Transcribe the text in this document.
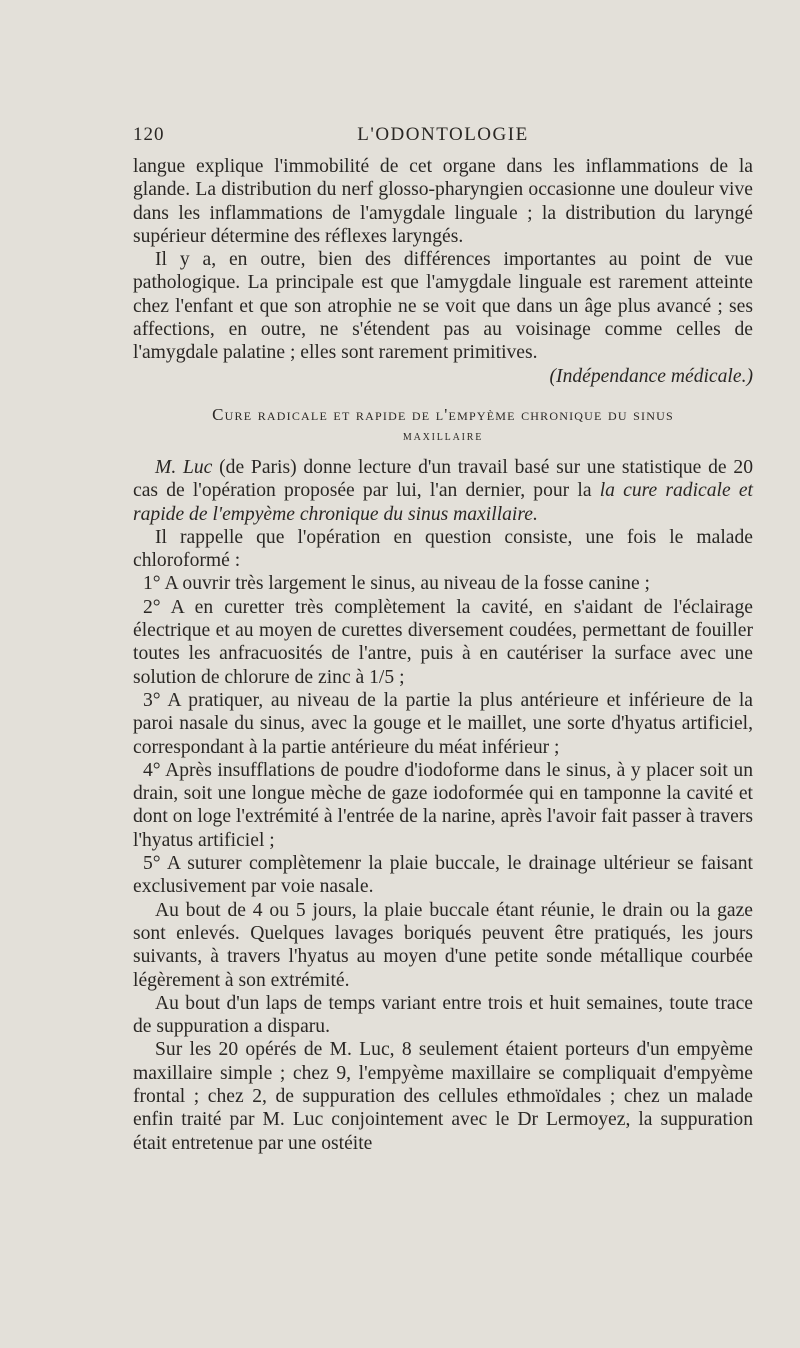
120	L'ODONTOLOGIE

langue explique l'immobilité de cet organe dans les inflammations de la glande. La distribution du nerf glosso-pharyngien occasionne une douleur vive dans les inflammations de l'amygdale linguale ; la distribution du laryngé supérieur détermine des réflexes laryngés.

Il y a, en outre, bien des différences importantes au point de vue pathologique. La principale est que l'amygdale linguale est rarement atteinte chez l'enfant et que son atrophie ne se voit que dans un âge plus avancé ; ses affections, en outre, ne s'étendent pas au voisinage comme celles de l'amygdale palatine ; elles sont rarement primitives.

(Indépendance médicale.)

Cure radicale et rapide de l'empyème chronique du sinus
maxillaire

M. Luc (de Paris) donne lecture d'un travail basé sur une statistique de 20 cas de l'opération proposée par lui, l'an dernier, pour la la cure radicale et rapide de l'empyème chronique du sinus maxillaire.

Il rappelle que l'opération en question consiste, une fois le malade chloroformé :

1° A ouvrir très largement le sinus, au niveau de la fosse canine ;

2° A en curetter très complètement la cavité, en s'aidant de l'éclairage électrique et au moyen de curettes diversement coudées, permettant de fouiller toutes les anfracuosités de l'antre, puis à en cautériser la surface avec une solution de chlorure de zinc à 1/5 ;

3° A pratiquer, au niveau de la partie la plus antérieure et inférieure de la paroi nasale du sinus, avec la gouge et le maillet, une sorte d'hyatus artificiel, correspondant à la partie antérieure du méat inférieur ;

4° Après insufflations de poudre d'iodoforme dans le sinus, à y placer soit un drain, soit une longue mèche de gaze iodoformée qui en tamponne la cavité et dont on loge l'extrémité à l'entrée de la narine, après l'avoir fait passer à travers l'hyatus artificiel ;

5° A suturer complètemenr la plaie buccale, le drainage ultérieur se faisant exclusivement par voie nasale.

Au bout de 4 ou 5 jours, la plaie buccale étant réunie, le drain ou la gaze sont enlevés. Quelques lavages boriqués peuvent être pratiqués, les jours suivants, à travers l'hyatus au moyen d'une petite sonde métallique courbée légèrement à son extrémité.

Au bout d'un laps de temps variant entre trois et huit semaines, toute trace de suppuration a disparu.

Sur les 20 opérés de M. Luc, 8 seulement étaient porteurs d'un empyème maxillaire simple ; chez 9, l'empyème maxillaire se compliquait d'empyème frontal ; chez 2, de suppuration des cellules ethmoïdales ; chez un malade enfin traité par M. Luc conjointement avec le Dr Lermoyez, la suppuration était entretenue par une ostéite
